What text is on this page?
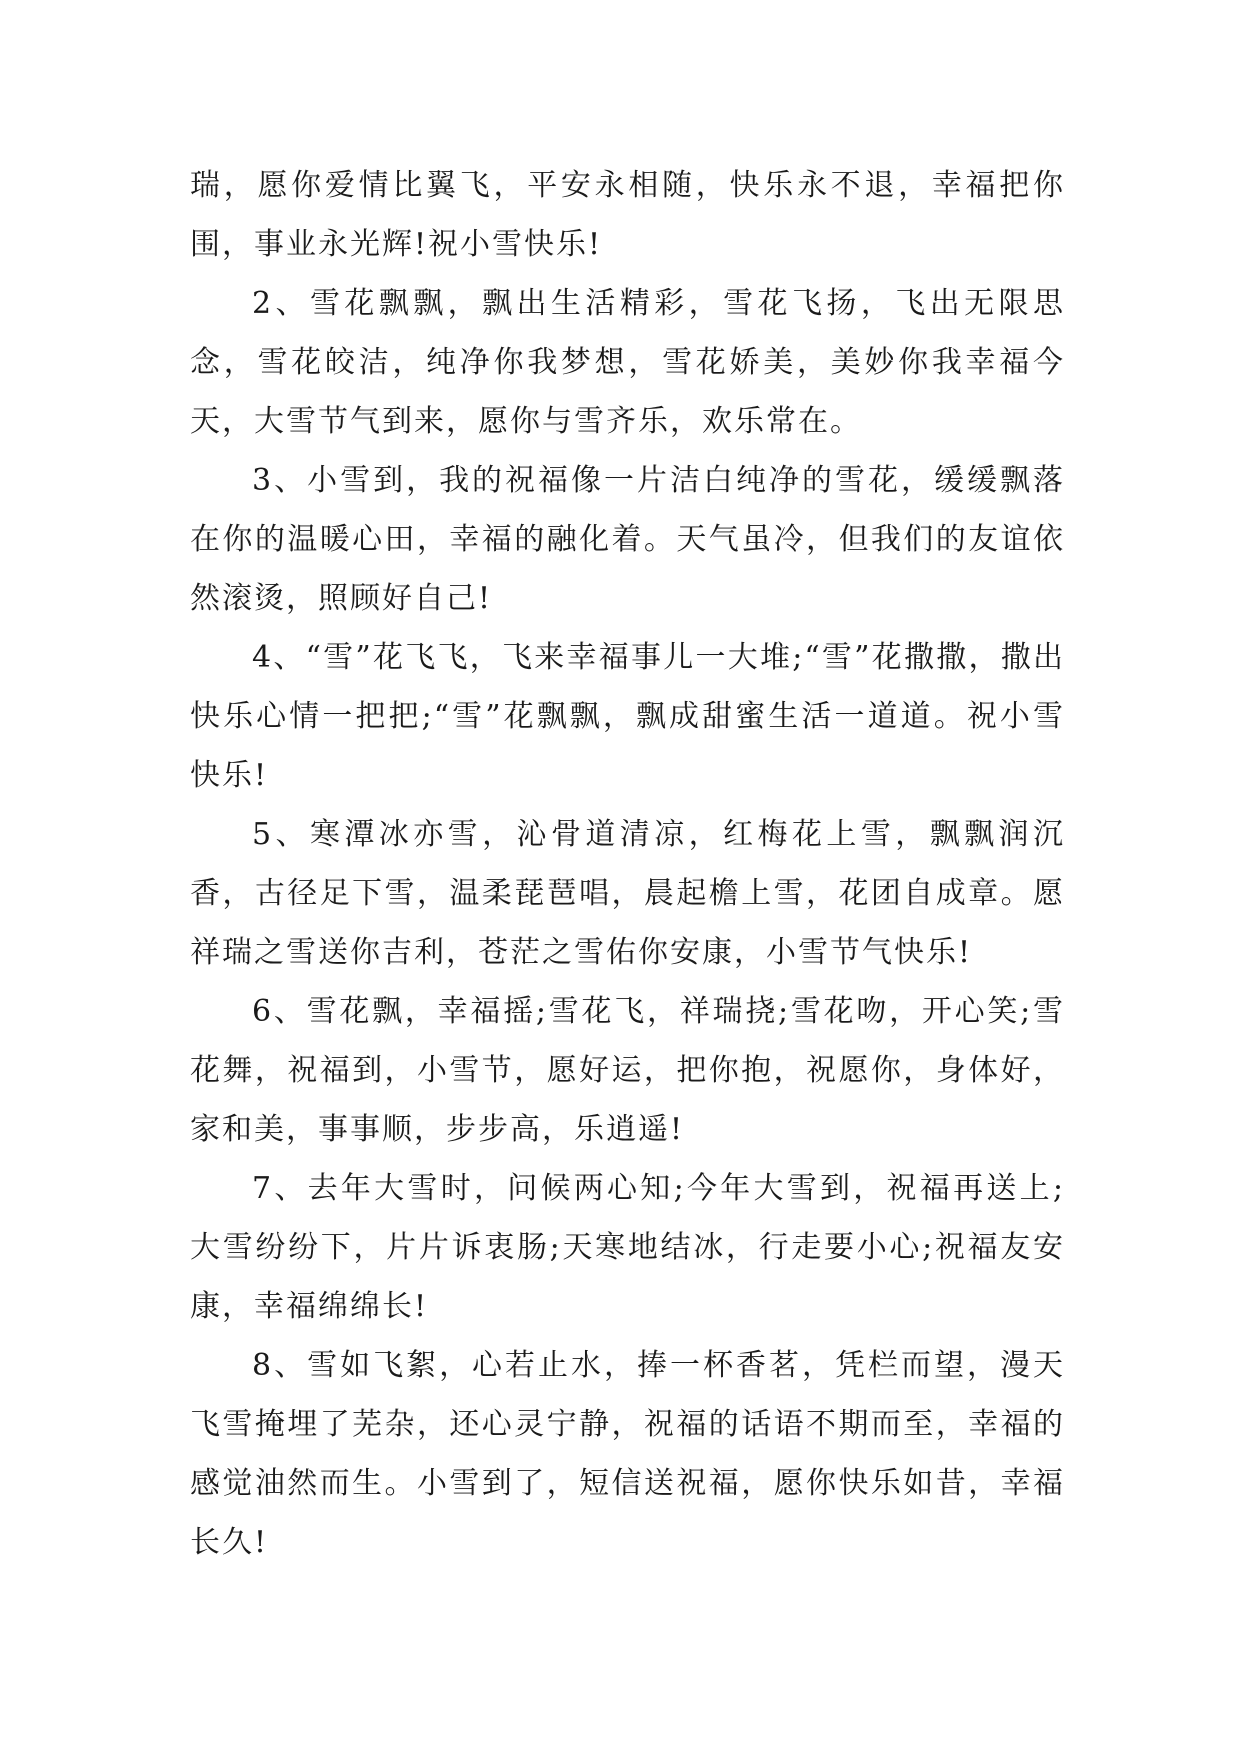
瑞，愿你爱情比翼飞，平安永相随，快乐永不退，幸福把你围，事业永光辉!祝小雪快乐!

2、雪花飘飘，飘出生活精彩，雪花飞扬，飞出无限思念，雪花皎洁，纯净你我梦想，雪花娇美，美妙你我幸福今天，大雪节气到来，愿你与雪齐乐，欢乐常在。

3、小雪到，我的祝福像一片洁白纯净的雪花，缓缓飘落在你的温暖心田，幸福的融化着。天气虽冷，但我们的友谊依然滚烫，照顾好自己!

4、“雪”花飞飞，飞来幸福事儿一大堆;“雪”花撒撒，撒出快乐心情一把把;“雪”花飘飘，飘成甜蜜生活一道道。祝小雪快乐!

5、寒潭冰亦雪，沁骨道清凉，红梅花上雪，飘飘润沉香，古径足下雪，温柔琵琶唱，晨起檐上雪，花团自成章。愿祥瑞之雪送你吉利，苍茫之雪佑你安康，小雪节气快乐!

6、雪花飘，幸福摇;雪花飞，祥瑞挠;雪花吻，开心笑;雪花舞，祝福到，小雪节，愿好运，把你抱，祝愿你，身体好，家和美，事事顺，步步高，乐逍遥!

7、去年大雪时，问候两心知;今年大雪到，祝福再送上;大雪纷纷下，片片诉衷肠;天寒地结冰，行走要小心;祝福友安康，幸福绵绵长!

8、雪如飞絮，心若止水，捧一杯香茗，凭栏而望，漫天飞雪掩埋了芜杂，还心灵宁静，祝福的话语不期而至，幸福的感觉油然而生。小雪到了，短信送祝福，愿你快乐如昔，幸福长久!
